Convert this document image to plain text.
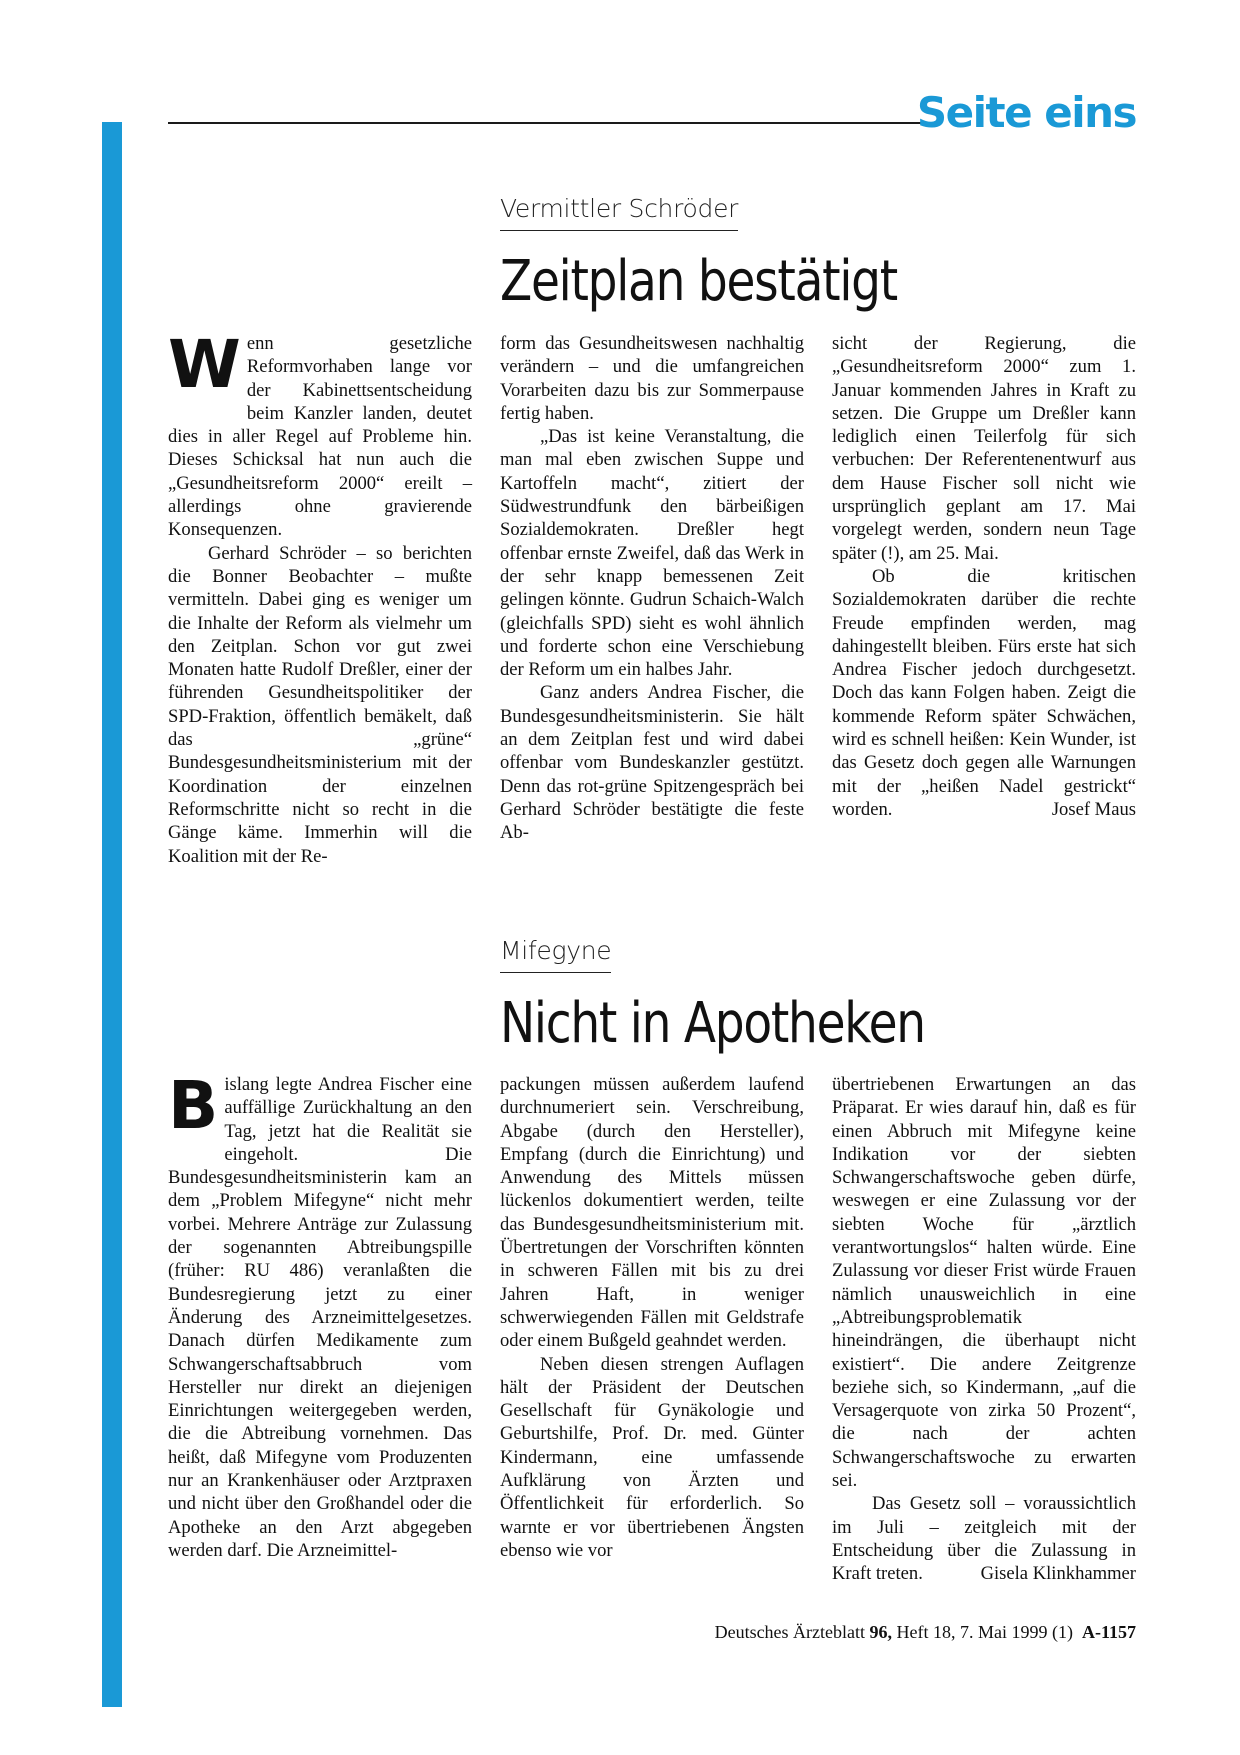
Seite eins
Vermittler Schröder
Zeitplan bestätigt

Wenn gesetzliche Reformvorhaben lange vor der Kabinettsentscheidung beim Kanzler landen, deutet dies in aller Regel auf Probleme hin. Dieses Schicksal hat nun auch die „Gesundheitsreform 2000“ ereilt – allerdings ohne gravierende Konsequenzen.

Gerhard Schröder – so berichten die Bonner Beobachter – mußte vermitteln. Dabei ging es weniger um die Inhalte der Reform als vielmehr um den Zeitplan. Schon vor gut zwei Monaten hatte Rudolf Dreßler, einer der führenden Gesundheitspolitiker der SPD-Fraktion, öffentlich bemäkelt, daß das „grüne“ Bundesgesundheitsministerium mit der Koordination der einzelnen Reformschritte nicht so recht in die Gänge käme. Immerhin will die Koalition mit der Re-

form das Gesundheitswesen nachhaltig verändern – und die umfangreichen Vorarbeiten dazu bis zur Sommerpause fertig haben.

„Das ist keine Veranstaltung, die man mal eben zwischen Suppe und Kartoffeln macht“, zitiert der Südwestrundfunk den bärbeißigen Sozialdemokraten. Dreßler hegt offenbar ernste Zweifel, daß das Werk in der sehr knapp bemessenen Zeit gelingen könnte. Gudrun Schaich-Walch (gleichfalls SPD) sieht es wohl ähnlich und forderte schon eine Verschiebung der Reform um ein halbes Jahr.

Ganz anders Andrea Fischer, die Bundesgesundheitsministerin. Sie hält an dem Zeitplan fest und wird dabei offenbar vom Bundeskanzler gestützt. Denn das rot-grüne Spitzengespräch bei Gerhard Schröder bestätigte die feste Ab-

sicht der Regierung, die „Gesundheitsreform 2000“ zum 1. Januar kommenden Jahres in Kraft zu setzen. Die Gruppe um Dreßler kann lediglich einen Teilerfolg für sich verbuchen: Der Referentenentwurf aus dem Hause Fischer soll nicht wie ursprünglich geplant am 17. Mai vorgelegt werden, sondern neun Tage später (!), am 25. Mai.

Ob die kritischen Sozialdemokraten darüber die rechte Freude empfinden werden, mag dahingestellt bleiben. Fürs erste hat sich Andrea Fischer jedoch durchgesetzt. Doch das kann Folgen haben. Zeigt die kommende Reform später Schwächen, wird es schnell heißen: Kein Wunder, ist das Gesetz doch gegen alle Warnungen mit der „heißen Nadel gestrickt“ worden.	Josef Maus

Mifegyne
Nicht in Apotheken

Bislang legte Andrea Fischer eine auffällige Zurückhaltung an den Tag, jetzt hat die Realität sie eingeholt. Die Bundesgesundheitsministerin kam an dem „Problem Mifegyne“ nicht mehr vorbei. Mehrere Anträge zur Zulassung der sogenannten Abtreibungspille (früher: RU 486) veranlaßten die Bundesregierung jetzt zu einer Änderung des Arzneimittelgesetzes. Danach dürfen Medikamente zum Schwangerschaftsabbruch vom Hersteller nur direkt an diejenigen Einrichtungen weitergegeben werden, die die Abtreibung vornehmen. Das heißt, daß Mifegyne vom Produzenten nur an Krankenhäuser oder Arztpraxen und nicht über den Großhandel oder die Apotheke an den Arzt abgegeben werden darf. Die Arzneimittel-

packungen müssen außerdem laufend durchnumeriert sein. Verschreibung, Abgabe (durch den Hersteller), Empfang (durch die Einrichtung) und Anwendung des Mittels müssen lückenlos dokumentiert werden, teilte das Bundesgesundheitsministerium mit. Übertretungen der Vorschriften könnten in schweren Fällen mit bis zu drei Jahren Haft, in weniger schwerwiegenden Fällen mit Geldstrafe oder einem Bußgeld geahndet werden.

Neben diesen strengen Auflagen hält der Präsident der Deutschen Gesellschaft für Gynäkologie und Geburtshilfe, Prof. Dr. med. Günter Kindermann, eine umfassende Aufklärung von Ärzten und Öffentlichkeit für erforderlich. So warnte er vor übertriebenen Ängsten ebenso wie vor

übertriebenen Erwartungen an das Präparat. Er wies darauf hin, daß es für einen Abbruch mit Mifegyne keine Indikation vor der siebten Schwangerschaftswoche geben dürfe, weswegen er eine Zulassung vor der siebten Woche für „ärztlich verantwortungslos“ halten würde. Eine Zulassung vor dieser Frist würde Frauen nämlich unausweichlich in eine „Abtreibungsproblematik hineindrängen, die überhaupt nicht existiert“. Die andere Zeitgrenze beziehe sich, so Kindermann, „auf die Versagerquote von zirka 50 Prozent“, die nach der achten Schwangerschaftswoche zu erwarten sei.

Das Gesetz soll – voraussichtlich im Juli – zeitgleich mit der Entscheidung über die Zulassung in Kraft treten.	Gisela Klinkhammer

Deutsches Ärzteblatt 96, Heft 18, 7. Mai 1999 (1) A-1157
